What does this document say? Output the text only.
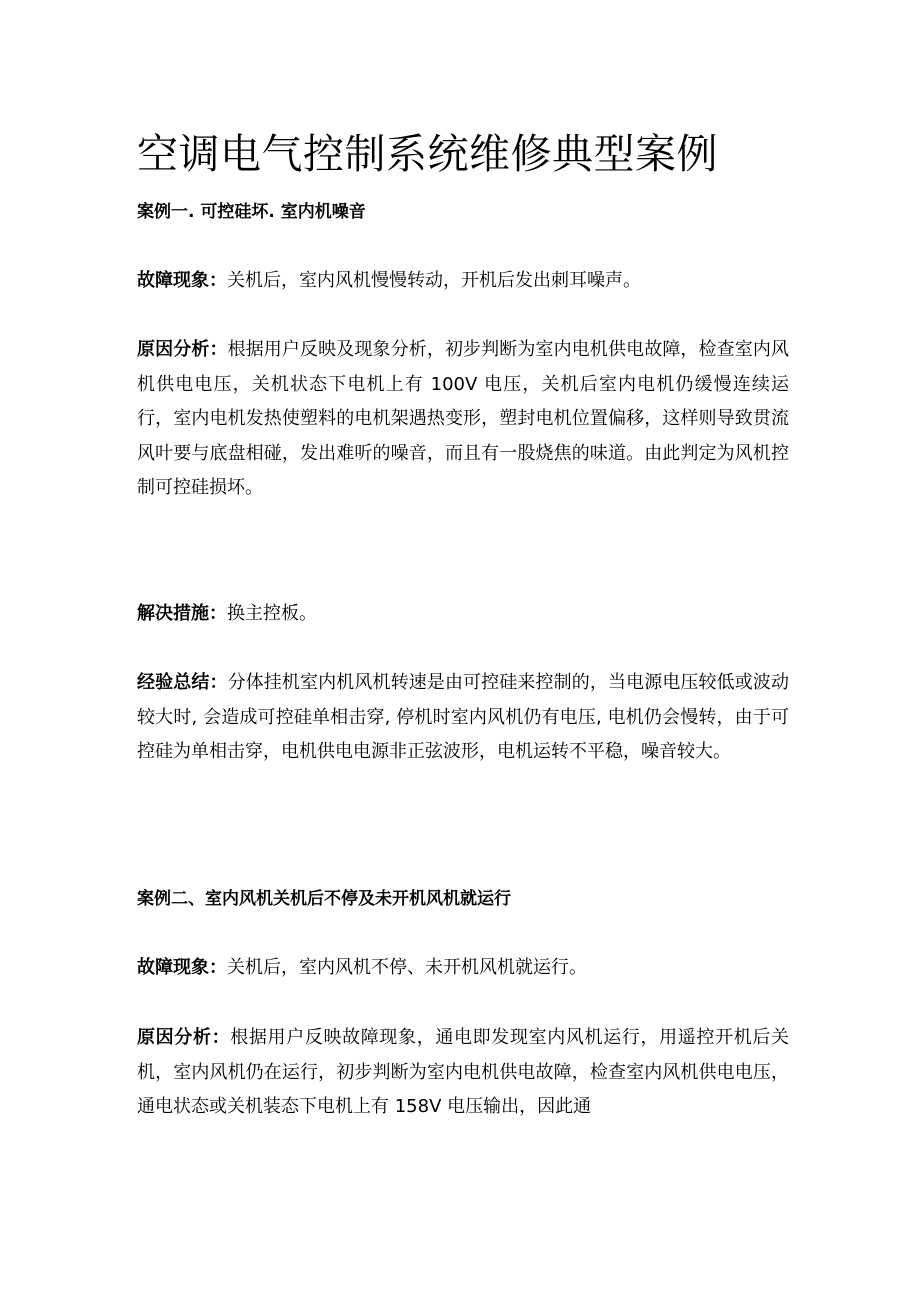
空调电气控制系统维修典型案例
案例一. 可控硅坏. 室内机噪音

故障现象：关机后，室内风机慢慢转动，开机后发出刺耳噪声。

原因分析：根据用户反映及现象分析，初步判断为室内电机供电故障，检查室内风机供电电压，关机状态下电机上有 100V 电压，关机后室内电机仍缓慢连续运行，室内电机发热使塑料的电机架遇热变形，塑封电机位置偏移，这样则导致贯流风叶要与底盘相碰，发出难听的噪音，而且有一股烧焦的味道。由此判定为风机控制可控硅损坏。

解决措施：换主控板。

经验总结：分体挂机室内机风机转速是由可控硅来控制的，当电源电压较低或波动较大时, 会造成可控硅单相击穿, 停机时室内风机仍有电压, 电机仍会慢转，由于可控硅为单相击穿，电机供电电源非正弦波形，电机运转不平稳，噪音较大。

案例二、室内风机关机后不停及未开机风机就运行

故障现象：关机后，室内风机不停、未开机风机就运行。

原因分析：根据用户反映故障现象，通电即发现室内风机运行，用遥控开机后关机，室内风机仍在运行，初步判断为室内电机供电故障，检查室内风机供电电压，通电状态或关机装态下电机上有 158V 电压输出，因此通
